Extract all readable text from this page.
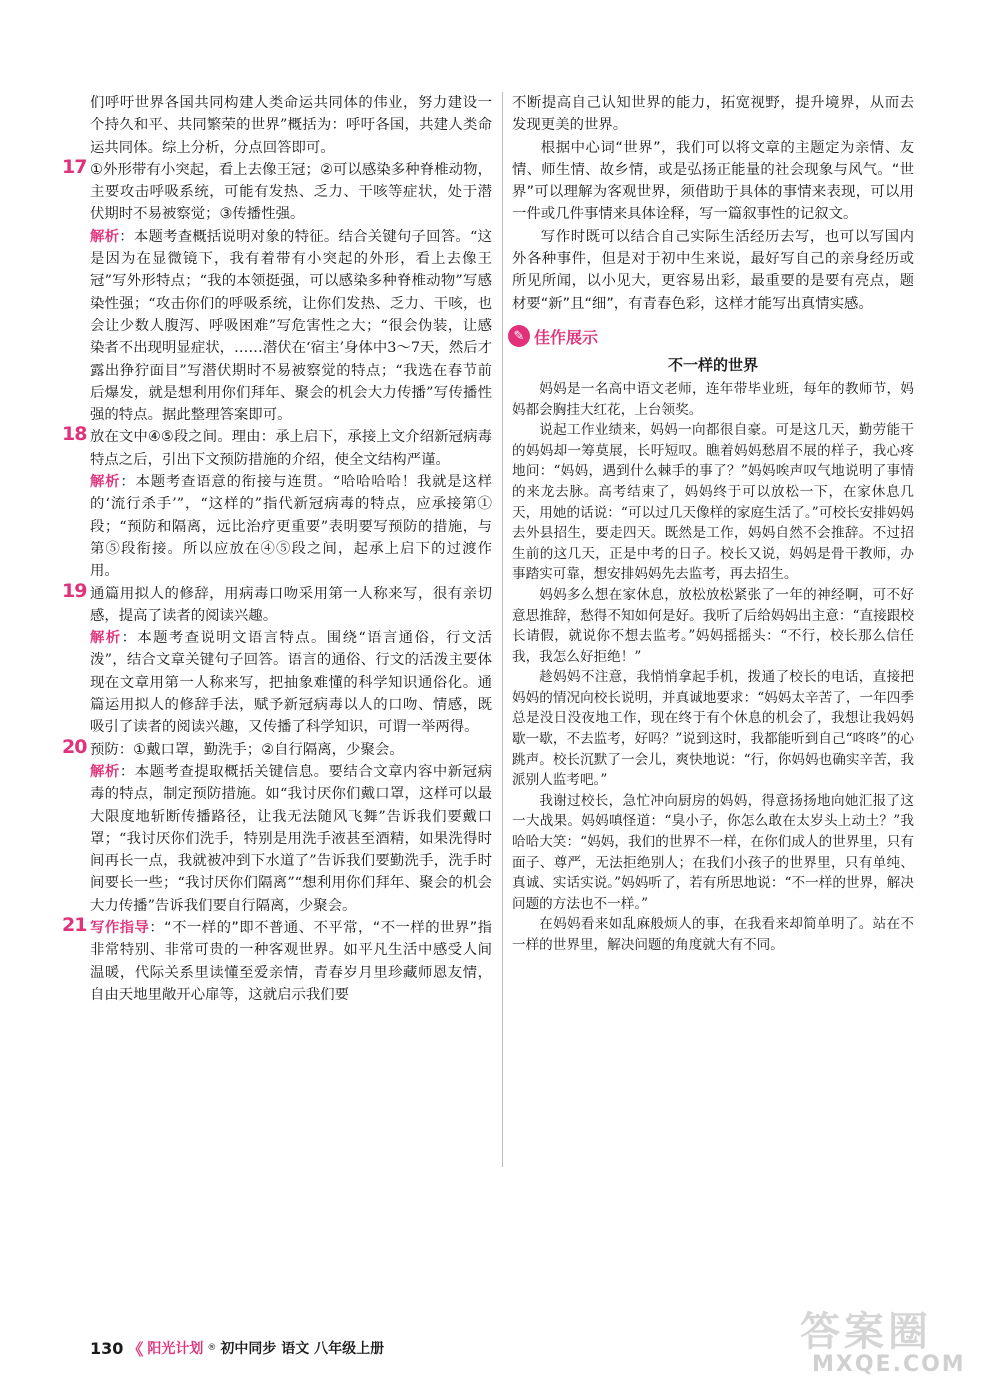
们呼吁世界各国共同构建人类命运共同体的伟业，努力建设一个持久和平、共同繁荣的世界”概括为：呼吁各国，共建人类命运共同体。综上分析，分点回答即可。

17 ①外形带有小突起，看上去像王冠；②可以感染多种脊椎动物，主要攻击呼吸系统，可能有发热、乏力、干咳等症状，处于潜伏期时不易被察觉；③传播性强。

解析：本题考查概括说明对象的特征。结合关键句子回答。“这是因为在显微镜下，我有着带有小突起的外形，看上去像王冠”写外形特点；“我的本领挺强，可以感染多种脊椎动物”写感染性强；“攻击你们的呼吸系统，让你们发热、乏力、干咳，也会让少数人腹泻、呼吸困难”写危害性之大；“很会伪装，让感染者不出现明显症状，……潜伏在‘宿主’身体中3～7天，然后才露出狰狞面目”写潜伏期时不易被察觉的特点；“我选在春节前后爆发，就是想利用你们拜年、聚会的机会大力传播”写传播性强的特点。据此整理答案即可。

18 放在文中④⑤段之间。理由：承上启下，承接上文介绍新冠病毒特点之后，引出下文预防措施的介绍，使全文结构严谨。

解析：本题考查语意的衔接与连贯。“哈哈哈哈！我就是这样的‘流行杀手’”，“这样的”指代新冠病毒的特点，应承接第①段；“预防和隔离，远比治疗更重要”表明要写预防的措施，与第⑤段衔接。所以应放在④⑤段之间，起承上启下的过渡作用。

19 通篇用拟人的修辞，用病毒口吻采用第一人称来写，很有亲切感，提高了读者的阅读兴趣。

解析：本题考查说明文语言特点。围绕“语言通俗，行文活泼”，结合文章关键句子回答。语言的通俗、行文的活泼主要体现在文章用第一人称来写，把抽象难懂的科学知识通俗化。通篇运用拟人的修辞手法，赋予新冠病毒以人的口吻、情感，既吸引了读者的阅读兴趣，又传播了科学知识，可谓一举两得。

20 预防：①戴口罩，勤洗手；②自行隔离，少聚会。

解析：本题考查提取概括关键信息。要结合文章内容中新冠病毒的特点，制定预防措施。如“我讨厌你们戴口罩，这样可以最大限度地斩断传播路径，让我无法随风飞舞”告诉我们要戴口罩；“我讨厌你们洗手，特别是用洗手液甚至酒精，如果洗得时间再长一点，我就被冲到下水道了”告诉我们要勤洗手，洗手时间要长一些；“我讨厌你们隔离”“想利用你们拜年、聚会的机会大力传播”告诉我们要自行隔离，少聚会。

21 写作指导：“不一样的”即不普通、不平常，“不一样的世界”指非常特别、非常可贵的一种客观世界。如平凡生活中感受人间温暖，代际关系里读懂至爱亲情，青春岁月里珍藏师恩友情，自由天地里敞开心扉等，这就启示我们要

不断提高自己认知世界的能力，拓宽视野，提升境界，从而去发现更美的世界。

根据中心词“世界”，我们可以将文章的主题定为亲情、友情、师生情、故乡情，或是弘扬正能量的社会现象与风气。“世界”可以理解为客观世界，须借助于具体的事情来表现，可以用一件或几件事情来具体诠释，写一篇叙事性的记叙文。

写作时既可以结合自己实际生活经历去写，也可以写国内外各种事件，但是对于初中生来说，最好写自己的亲身经历或所见所闻，以小见大，更容易出彩，最重要的是要有亮点，题材要“新”且“细”，有青春色彩，这样才能写出真情实感。

✎ 佳作展示
不一样的世界

妈妈是一名高中语文老师，连年带毕业班，每年的教师节，妈妈都会胸挂大红花，上台领奖。

说起工作业绩来，妈妈一向都很自豪。可是这几天，勤劳能干的妈妈却一筹莫展，长吁短叹。瞧着妈妈愁眉不展的样子，我心疼地问：“妈妈，遇到什么棘手的事了？”妈妈唉声叹气地说明了事情的来龙去脉。高考结束了，妈妈终于可以放松一下，在家休息几天，用她的话说：“可以过几天像样的家庭生活了。”可校长安排妈妈去外县招生，要走四天。既然是工作，妈妈自然不会推辞。不过招生前的这几天，正是中考的日子。校长又说，妈妈是骨干教师，办事踏实可靠，想安排妈妈先去监考，再去招生。

妈妈多么想在家休息，放松放松紧张了一年的神经啊，可不好意思推辞，愁得不知如何是好。我听了后给妈妈出主意：“直接跟校长请假，就说你不想去监考。”妈妈摇摇头：“不行，校长那么信任我，我怎么好拒绝！”

趁妈妈不注意，我悄悄拿起手机，拨通了校长的电话，直接把妈妈的情况向校长说明，并真诚地要求：“妈妈太辛苦了，一年四季总是没日没夜地工作，现在终于有个休息的机会了，我想让我妈妈歇一歇，不去监考，好吗？”说到这时，我都能听到自己“咚咚”的心跳声。校长沉默了一会儿，爽快地说：“行，你妈妈也确实辛苦，我派别人监考吧。”

我谢过校长，急忙冲向厨房的妈妈，得意扬扬地向她汇报了这一大战果。妈妈嗔怪道：“臭小子，你怎么敢在太岁头上动土？”我哈哈大笑：“妈妈，我们的世界不一样，在你们成人的世界里，只有面子、尊严，无法拒绝别人；在我们小孩子的世界里，只有单纯、真诚、实话实说。”妈妈听了，若有所思地说：“不一样的世界，解决问题的方法也不一样。”

在妈妈看来如乱麻般烦人的事，在我看来却简单明了。站在不一样的世界里，解决问题的角度就大有不同。

130 《 阳光计划 ® 初中同步 语文 八年级上册	答案圈
MXQE.COM
